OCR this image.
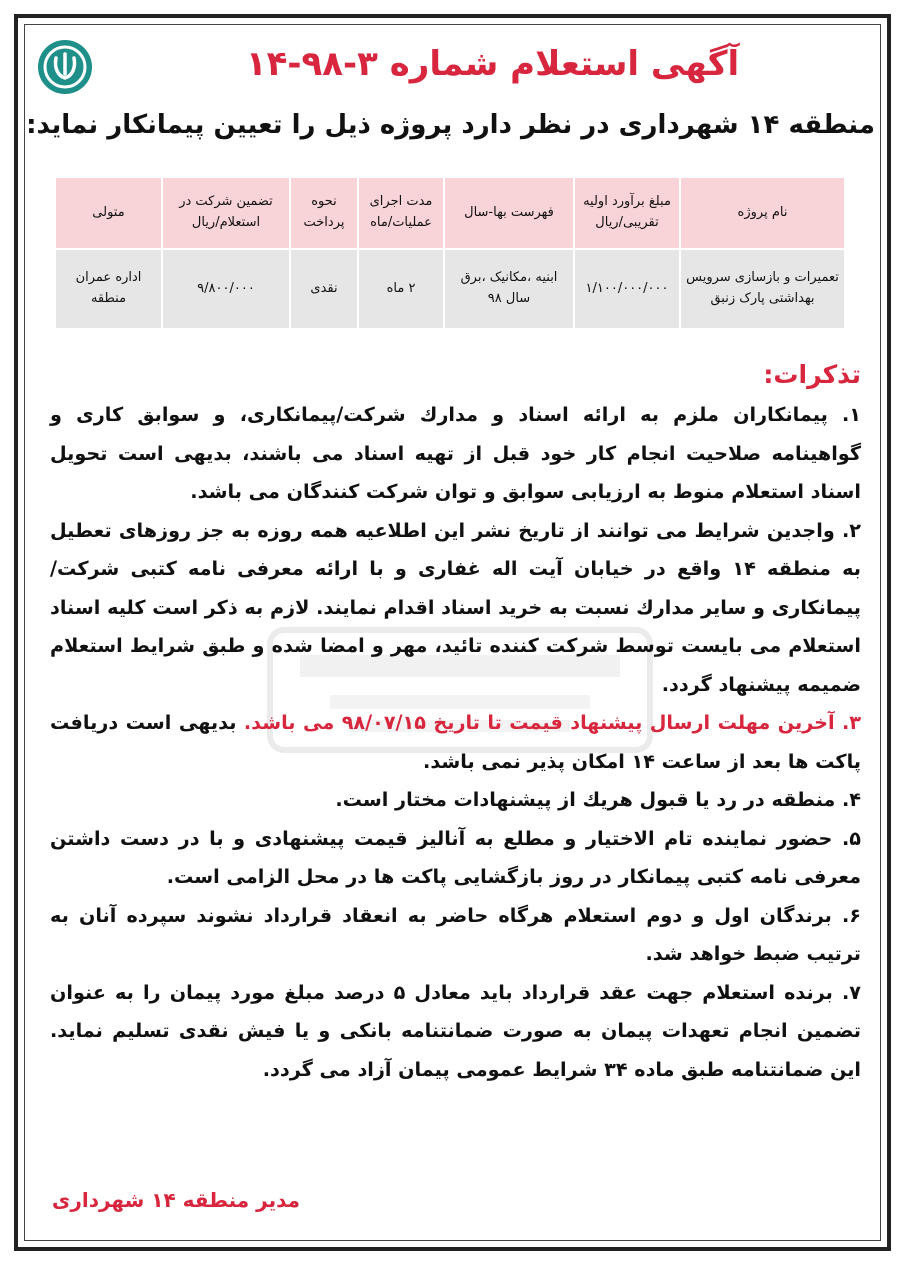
آگهی استعلام شماره ۳-۹۸-۱۴
منطقه ۱۴ شهرداری در نظر دارد پروژه ذیل را تعیین پیمانکار نماید:
نام پروژه	مبلغ برآورد اولیه تقریبی/ریال	فهرست بها-سال	مدت اجرای عملیات/ماه	نحوه پرداخت	تضمین شرکت در استعلام/ریال	متولی
تعمیرات و بازسازی سرویس بهداشتی پارک زنبق	۱/۱۰۰/۰۰۰/۰۰۰	ابنیه ،مکانیک ،برق سال ۹۸	۲ ماه	نقدی	۹/۸۰۰/۰۰۰	اداره عمران منطقه
تذکرات:

۱. پیمانکاران ملزم به ارائه اسناد و مدارك شرکت/پیمانکاری، و سوابق کاری و گواهینامه صلاحیت انجام کار خود قبل از تهیه اسناد می باشند، بدیهی است تحویل اسناد استعلام منوط به ارزیابی سوابق و توان شرکت کنندگان می باشد.

۲. واجدین شرایط می توانند از تاریخ نشر این اطلاعیه همه روزه به جز روزهای تعطیل به منطقه ۱۴ واقع در خیابان آیت اله غفاری و با ارائه معرفی نامه کتبی شرکت/پیمانکاری و سایر مدارك نسبت به خرید اسناد اقدام نمایند. لازم به ذکر است کلیه اسناد استعلام می بایست توسط شرکت کننده تائید، مهر و امضا شده و طبق شرایط استعلام ضمیمه پیشنهاد گردد.

۳. آخرین مهلت ارسال پیشنهاد قیمت تا تاریخ ۹۸/۰۷/۱۵ می باشد. بدیهی است دریافت پاکت ها بعد از ساعت ۱۴ امکان پذیر نمی باشد.

۴. منطقه در رد یا قبول هریك از پیشنهادات مختار است.

۵. حضور نماینده تام الاختیار و مطلع به آنالیز قیمت پیشنهادی و با در دست داشتن معرفی نامه کتبی پیمانکار در روز بازگشایی پاکت ها در محل الزامی است.

۶. برندگان اول و دوم استعلام هرگاه حاضر به انعقاد قرارداد نشوند سپرده آنان به ترتیب ضبط خواهد شد.

۷. برنده استعلام جهت عقد قرارداد باید معادل ۵ درصد مبلغ مورد پیمان را به عنوان تضمین انجام تعهدات پیمان به صورت ضمانتنامه بانکی و یا فیش نقدی تسلیم نماید. این ضمانتنامه طبق ماده ۳۴ شرایط عمومی پیمان آزاد می گردد.

مدیر منطقه ۱۴ شهرداری
